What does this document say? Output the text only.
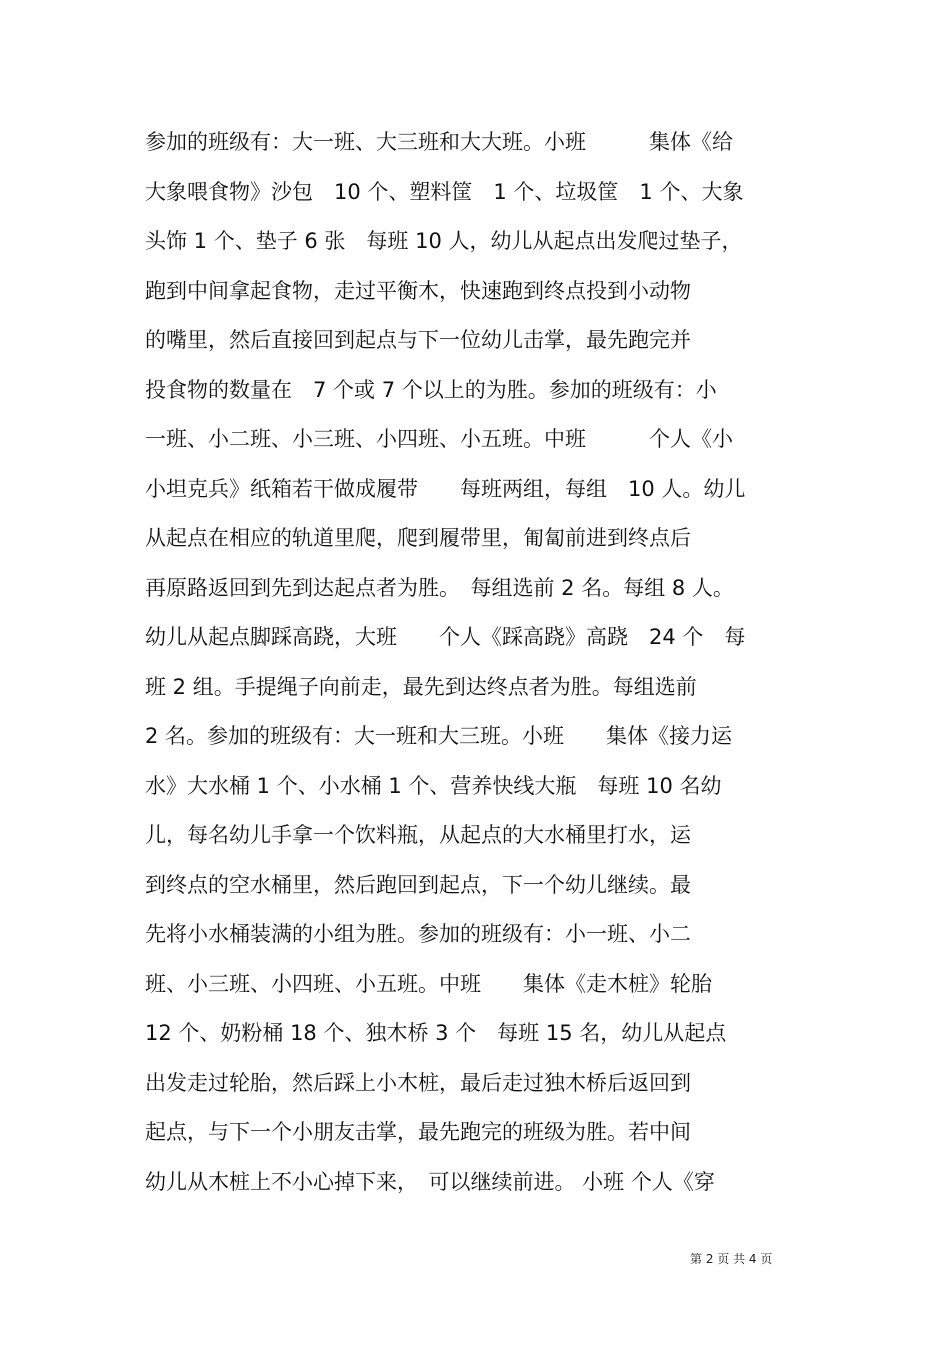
参加的班级有：大一班、大三班和大大班。小班　　　集体《给
大象喂食物》沙包　10 个、塑料筐　1 个、垃圾筐　1 个、大象
头饰 1 个、垫子 6 张　每班 10 人，幼儿从起点出发爬过垫子，
跑到中间拿起食物，走过平衡木，快速跑到终点投到小动物
的嘴里，然后直接回到起点与下一位幼儿击掌，最先跑完并
投食物的数量在　7 个或 7 个以上的为胜。参加的班级有：小
一班、小二班、小三班、小四班、小五班。中班　　　个人《小
小坦克兵》纸箱若干做成履带　　每班两组，每组　10 人。幼儿
从起点在相应的轨道里爬，爬到履带里，匍匐前进到终点后
再原路返回到先到达起点者为胜。　每组选前 2 名。每组 8 人。
幼儿从起点脚踩高跷，大班　　个人《踩高跷》高跷　24 个　每
班 2 组。手提绳子向前走，最先到达终点者为胜。每组选前
2 名。参加的班级有：大一班和大三班。小班　　集体《接力运
水》大水桶 1 个、小水桶 1 个、营养快线大瓶　每班 10 名幼
儿，每名幼儿手拿一个饮料瓶，从起点的大水桶里打水，运
到终点的空水桶里，然后跑回到起点，下一个幼儿继续。最
先将小水桶装满的小组为胜。参加的班级有：小一班、小二
班、小三班、小四班、小五班。中班　　集体《走木桩》轮胎
12 个、奶粉桶 18 个、独木桥 3 个　每班 15 名，幼儿从起点
出发走过轮胎，然后踩上小木桩，最后走过独木桥后返回到
起点，与下一个小朋友击掌，最先跑完的班级为胜。若中间
幼儿从木桩上不小心掉下来，　可以继续前进。 小班 个人《穿
第 2 页 共 4 页
